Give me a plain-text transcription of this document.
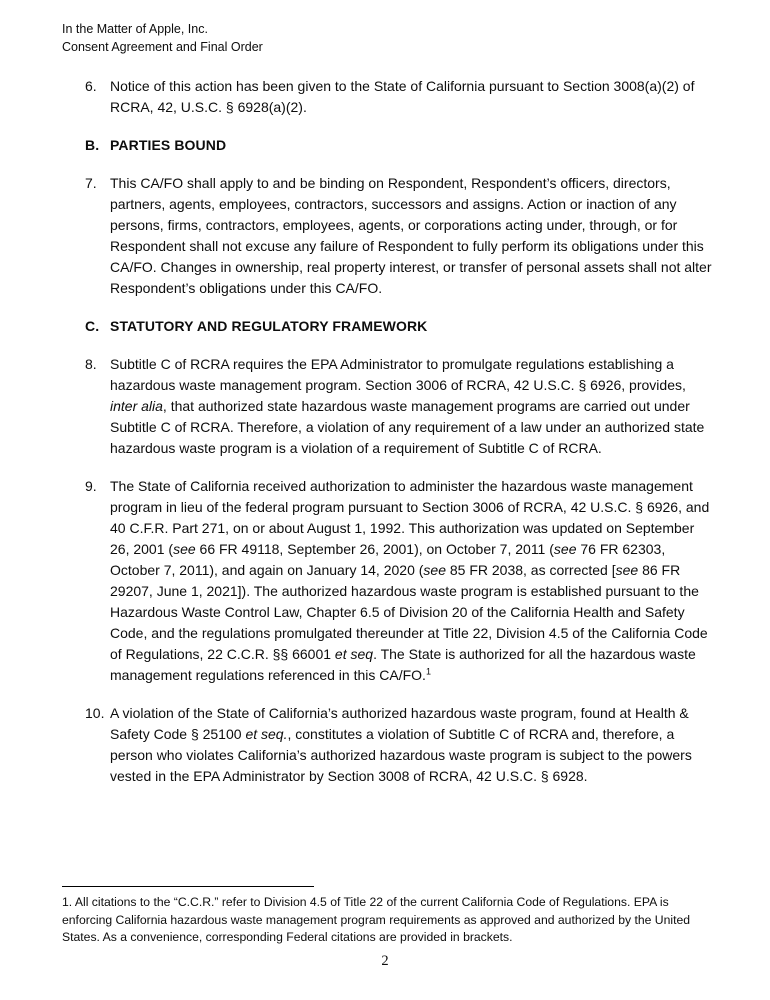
In the Matter of Apple, Inc.
Consent Agreement and Final Order
6. Notice of this action has been given to the State of California pursuant to Section 3008(a)(2) of RCRA, 42, U.S.C. § 6928(a)(2).
B. PARTIES BOUND
7. This CA/FO shall apply to and be binding on Respondent, Respondent’s officers, directors, partners, agents, employees, contractors, successors and assigns. Action or inaction of any persons, firms, contractors, employees, agents, or corporations acting under, through, or for Respondent shall not excuse any failure of Respondent to fully perform its obligations under this CA/FO. Changes in ownership, real property interest, or transfer of personal assets shall not alter Respondent’s obligations under this CA/FO.
C. STATUTORY AND REGULATORY FRAMEWORK
8. Subtitle C of RCRA requires the EPA Administrator to promulgate regulations establishing a hazardous waste management program. Section 3006 of RCRA, 42 U.S.C. § 6926, provides, inter alia, that authorized state hazardous waste management programs are carried out under Subtitle C of RCRA. Therefore, a violation of any requirement of a law under an authorized state hazardous waste program is a violation of a requirement of Subtitle C of RCRA.
9. The State of California received authorization to administer the hazardous waste management program in lieu of the federal program pursuant to Section 3006 of RCRA, 42 U.S.C. § 6926, and 40 C.F.R. Part 271, on or about August 1, 1992. This authorization was updated on September 26, 2001 (see 66 FR 49118, September 26, 2001), on October 7, 2011 (see 76 FR 62303, October 7, 2011), and again on January 14, 2020 (see 85 FR 2038, as corrected [see 86 FR 29207, June 1, 2021]). The authorized hazardous waste program is established pursuant to the Hazardous Waste Control Law, Chapter 6.5 of Division 20 of the California Health and Safety Code, and the regulations promulgated thereunder at Title 22, Division 4.5 of the California Code of Regulations, 22 C.C.R. §§ 66001 et seq. The State is authorized for all the hazardous waste management regulations referenced in this CA/FO.$^1$
10. A violation of the State of California’s authorized hazardous waste program, found at Health & Safety Code § 25100 et seq., constitutes a violation of Subtitle C of RCRA and, therefore, a person who violates California’s authorized hazardous waste program is subject to the powers vested in the EPA Administrator by Section 3008 of RCRA, 42 U.S.C. § 6928.
1. All citations to the “C.C.R.” refer to Division 4.5 of Title 22 of the current California Code of Regulations. EPA is enforcing California hazardous waste management program requirements as approved and authorized by the United States. As a convenience, corresponding Federal citations are provided in brackets.
2
